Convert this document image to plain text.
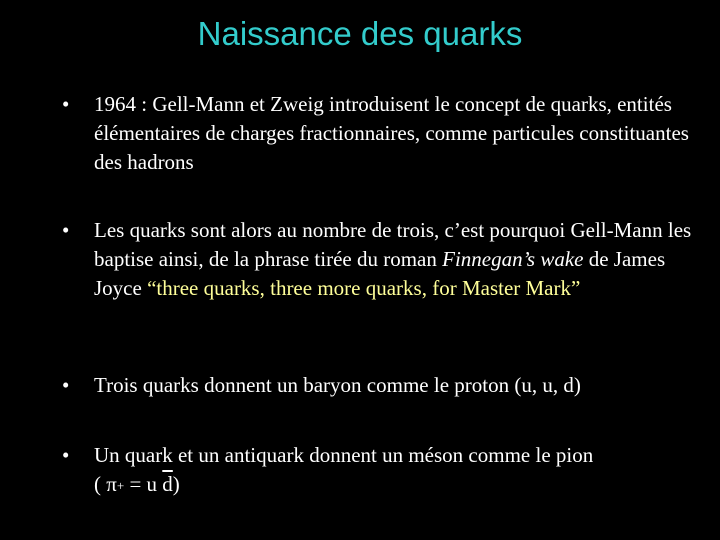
Naissance des quarks
• 1964 : Gell‑Mann et Zweig introduisent le concept de quarks, entités élémentaires de charges fractionnaires, comme particules constituantes des hadrons
• Les quarks sont alors au nombre de trois, c’est pourquoi Gell‑Mann les baptise ainsi, de la phrase tirée du roman Finnegan’s wake de James Joyce “three quarks, three more quarks, for Master Mark”
• Trois quarks donnent un baryon comme le proton (u, u, d)
• Un quark et un antiquark donnent un méson comme le pion
( π+ = u $\overline{d}$)
